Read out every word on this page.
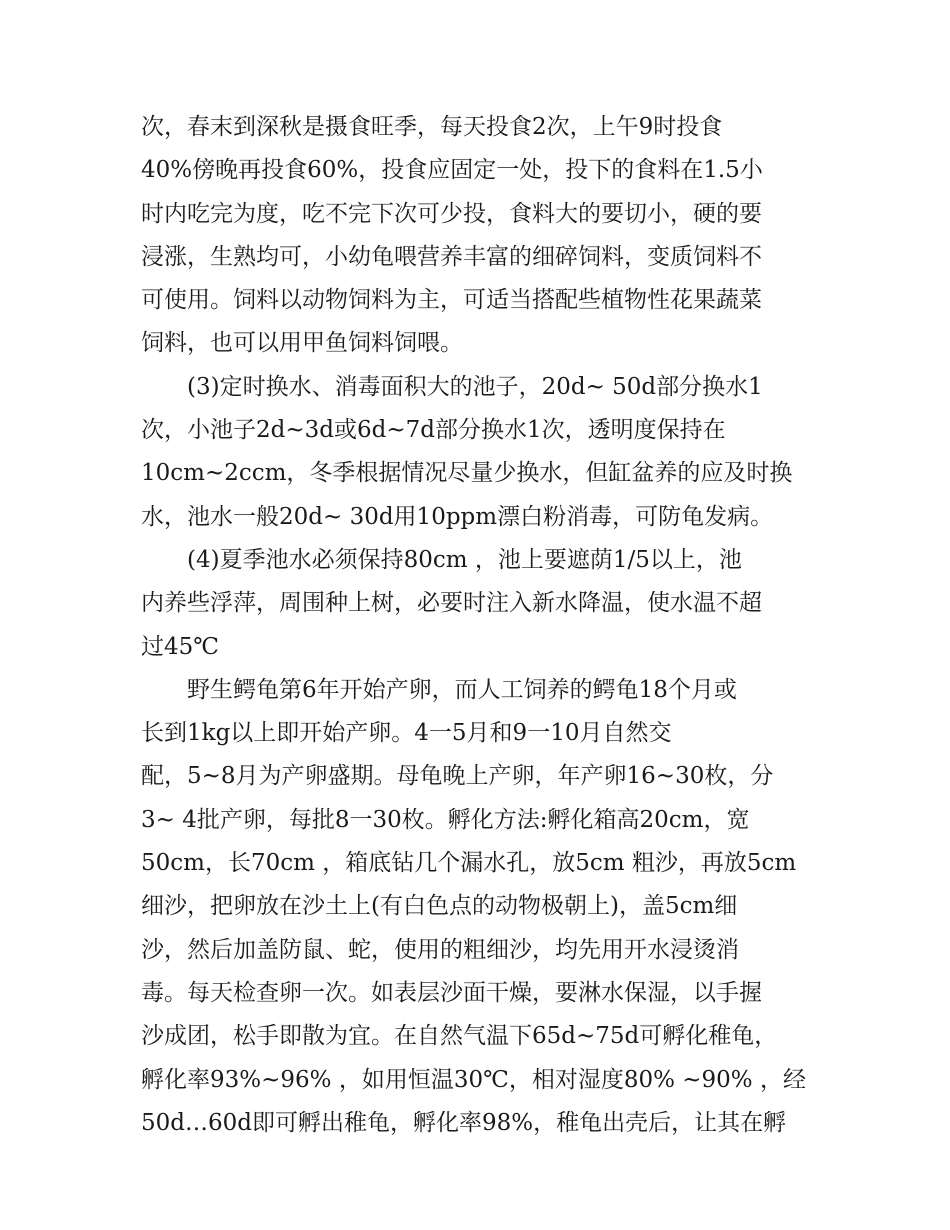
次，春末到深秋是摄食旺季，每天投食2次，上午9时投食
40%傍晚再投食60%，投食应固定一处，投下的食料在1.5小
时内吃完为度，吃不完下次可少投，食料大的要切小，硬的要
浸涨，生熟均可，小幼龟喂营养丰富的细碎饲料，变质饲料不
可使用。饲料以动物饲料为主，可适当搭配些植物性花果蔬菜
饲料，也可以用甲鱼饲料饲喂。
(3)定时换水、消毒面积大的池子，20d~ 50d部分换水1
次，小池子2d~3d或6d~7d部分换水1次，透明度保持在
10cm~2ccm，冬季根据情况尽量少换水，但缸盆养的应及时换
水，池水一般20d~ 30d用10ppm漂白粉消毒，可防龟发病。
(4)夏季池水必须保持80cm ，池上要遮荫1/5以上，池
内养些浮萍，周围种上树，必要时注入新水降温，使水温不超
过45℃
野生鳄龟第6年开始产卵，而人工饲养的鳄龟18个月或
长到1kg以上即开始产卵。4一5月和9一10月自然交
配，5~8月为产卵盛期。母龟晚上产卵，年产卵16~30枚，分
3~ 4批产卵，每批8一30枚。孵化方法:孵化箱高20cm，宽
50cm，长70cm ，箱底钻几个漏水孔，放5cm 粗沙，再放5cm
细沙，把卵放在沙土上(有白色点的动物极朝上)，盖5cm细
沙，然后加盖防鼠、蛇，使用的粗细沙，均先用开水浸烫消
毒。每天检查卵一次。如表层沙面干燥，要淋水保湿，以手握
沙成团，松手即散为宜。在自然气温下65d~75d可孵化稚龟，
孵化率93%~96% ，如用恒温30℃，相对湿度80% ~90% ，经
50d…60d即可孵出稚龟，孵化率98%，稚龟出壳后，让其在孵
